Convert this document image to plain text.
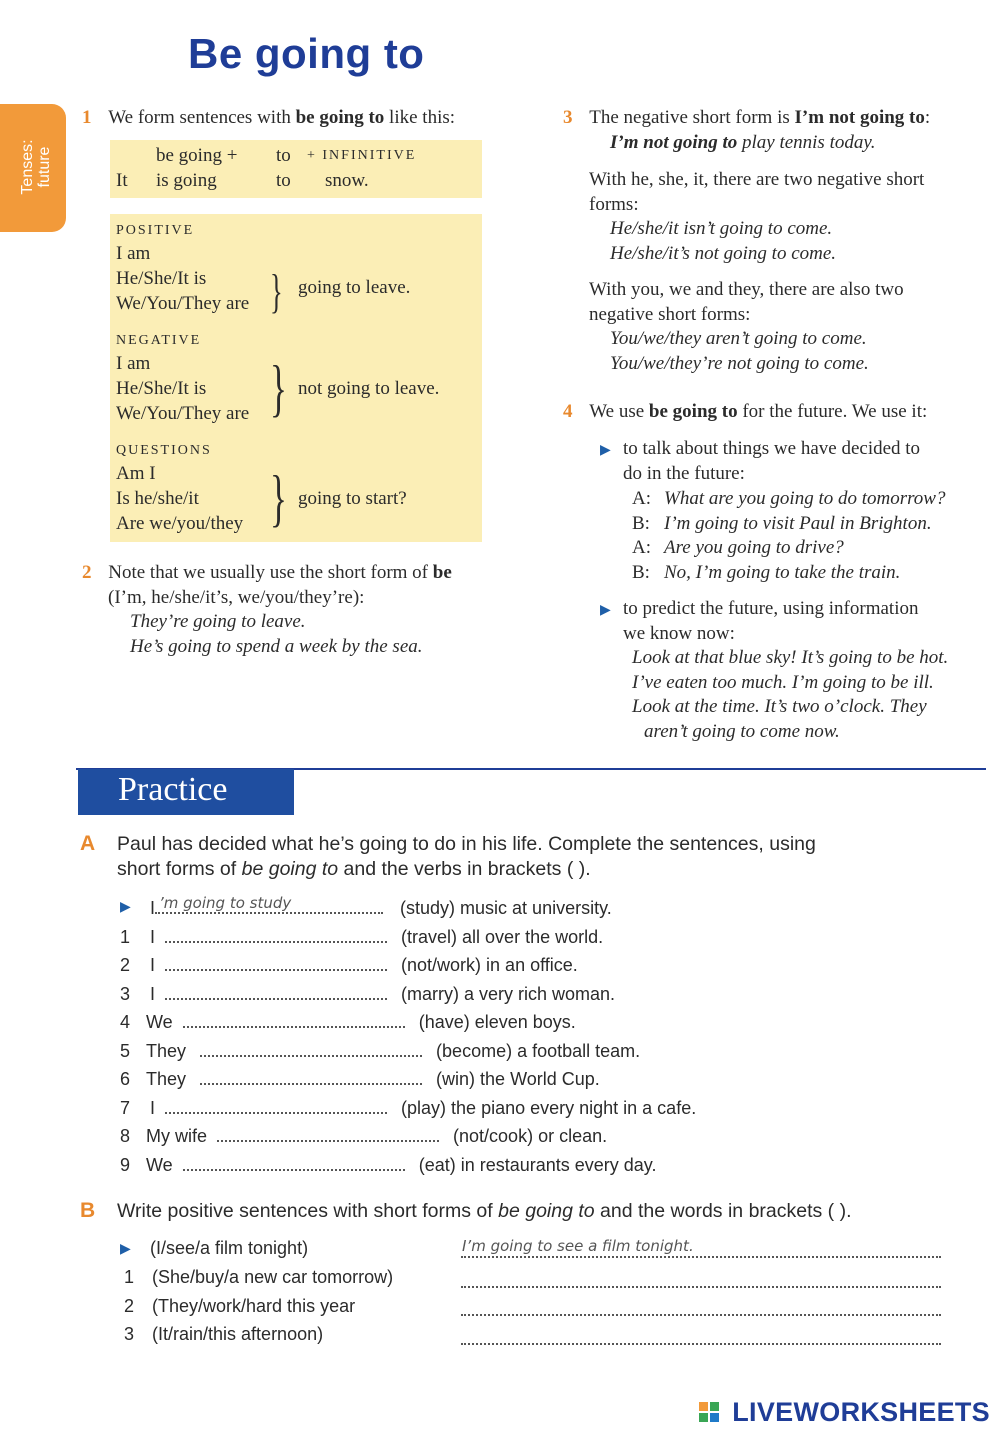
Be going to
Tenses: future
1 We form sentences with be going to like this:
be going + to + INFINITIVE
It is going	to snow.
POSITIVE
I am
He/She/It is
We/You/They are } going to leave.
NEGATIVE
I am
He/She/It is
We/You/They are } not going to leave.
QUESTIONS
Am I
Is he/she/it
Are we/you/they } going to start?
2 Note that we usually use the short form of be
(I’m, he/she/it’s, we/you/they’re):
They’re going to leave.
He’s going to spend a week by the sea.
3 The negative short form is I’m not going to:
I’m not going to play tennis today.
With he, she, it, there are two negative short
forms:
He/she/it isn’t going to come.
He/she/it’s not going to come.
With you, we and they, there are also two
negative short forms:
You/we/they aren’t going to come.
You/we/they’re not going to come.
4 We use be going to for the future. We use it:
▶ to talk about things we have decided to
do in the future:
A: What are you going to do tomorrow?
B: I’m going to visit Paul in Brighton.
A: Are you going to drive?
B: No, I’m going to take the train.
▶ to predict the future, using information
we know now:
Look at that blue sky! It’s going to be hot.
I’ve eaten too much. I’m going to be ill.
Look at the time. It’s two o’clock. They
aren’t going to come now.
Practice
A Paul has decided what he’s going to do in his life. Complete the sentences, using
short forms of be going to and the verbs in brackets ( ).
▶ I ’m going to study	(study) music at university.
1 I	(travel) all over the world.
2 I	(not/work) in an office.
3 I	(marry) a very rich woman.
4 We	(have) eleven boys.
5 They	(become) a football team.
6 They	(win) the World Cup.
7 I	(play) the piano every night in a cafe.
8 My wife	(not/cook) or clean.
9 We	(eat) in restaurants every day.
B Write positive sentences with short forms of be going to and the words in brackets ( ).
▶ (I/see/a film tonight)	I’m going to see a film tonight.
1 (She/buy/a new car tomorrow)
2 (They/work/hard this year
3 (It/rain/this afternoon)
LIVEWORKSHEETS
